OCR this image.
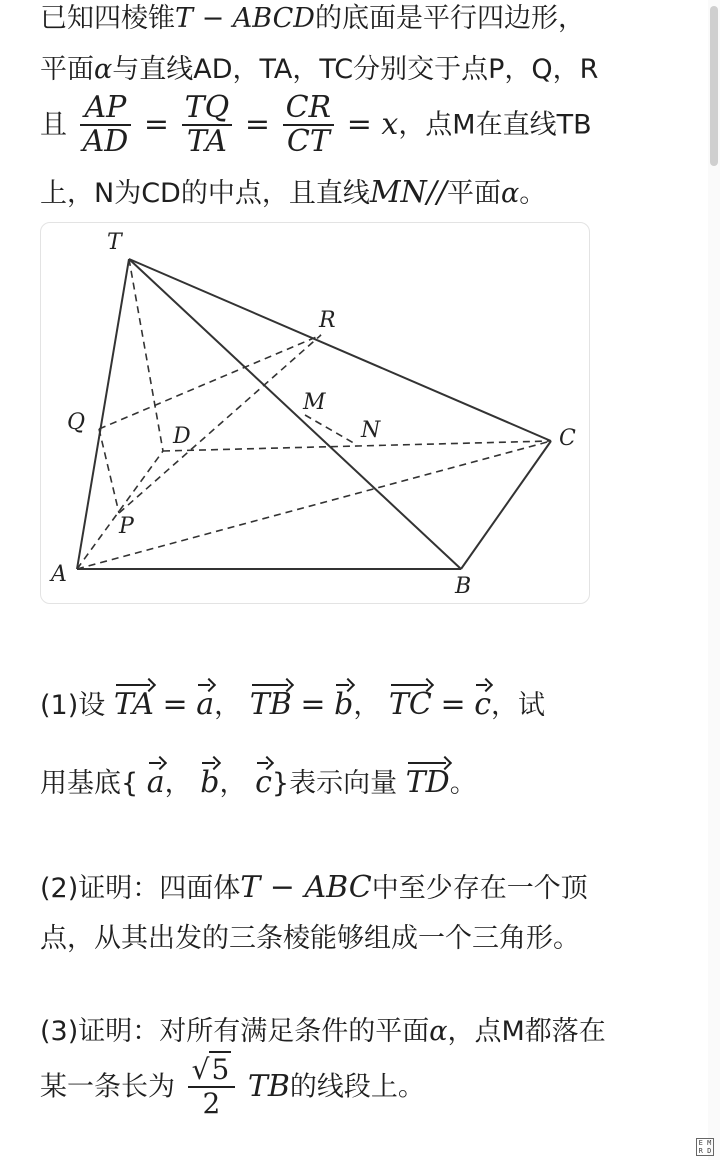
已知四棱锥T − ABCD的底面是平行四边形，
平面α与直线AD，TA，TC分别交于点P，Q，R
且 $\frac{AP}{AD} = \frac{TQ}{TA} = \frac{CR}{CT} = x$，点M在直线TB
上，N为CD的中点，且直线MN//平面α。
T
R
M
N
Q
D	C
P
A	B
(1)设 TA = a， TB = b， TC = c，试
用基底{ a， b， c}表示向量 TD。
(2)证明：四面体T − ABC中至少存在一个顶
点，从其出发的三条棱能够组成一个三角形。
(3)证明：对所有满足条件的平面α，点M都落在
某一条长为 $\frac{√5}{2}$ TB的线段上。
E M
R D
